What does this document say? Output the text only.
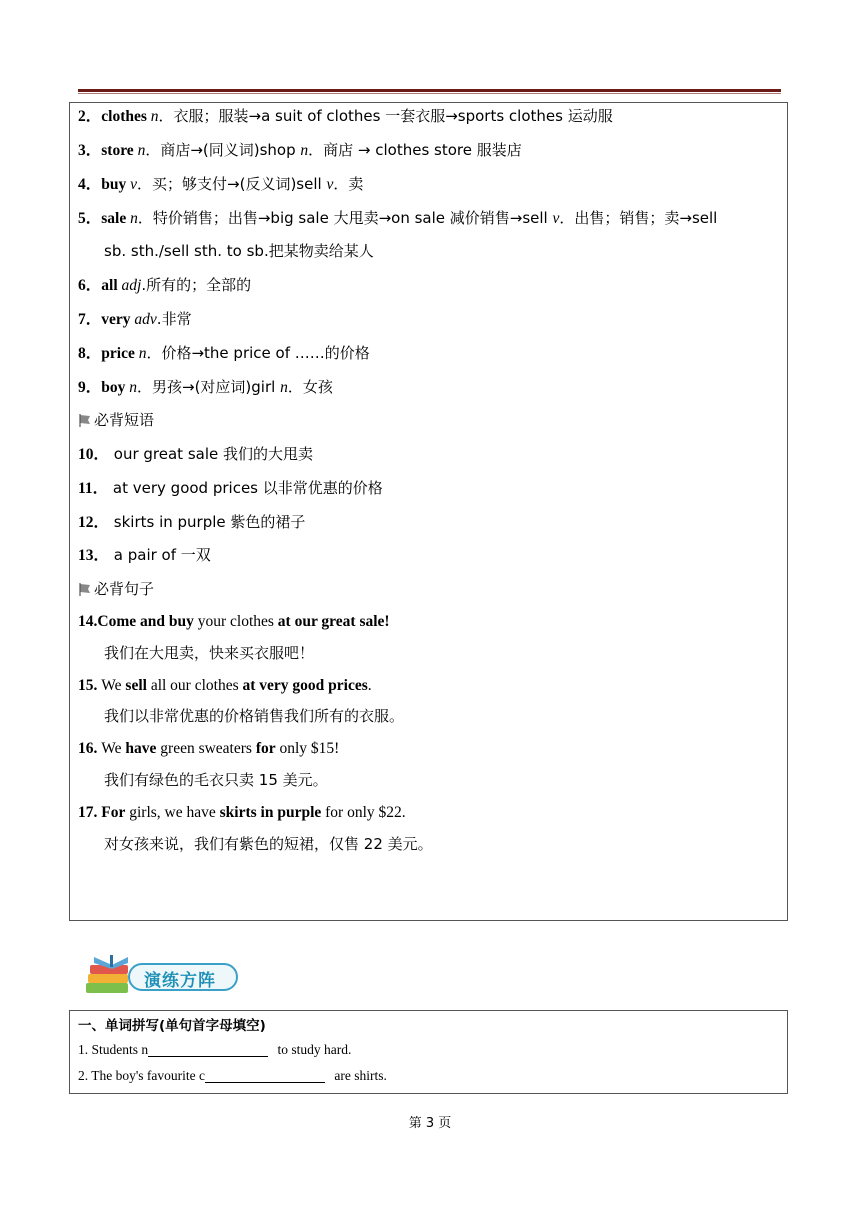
2．clothes n．衣服；服装→a suit of clothes 一套衣服→sports clothes 运动服
3．store n．商店→(同义词)shop n．商店 → clothes store 服装店
4．buy v．买；够支付→(反义词)sell v．卖
5．sale n．特价销售；出售→big sale 大甩卖→on sale 减价销售→sell v．出售；销售；卖→sell
sb. sth./sell sth. to sb.把某物卖给某人
6．all adj.所有的；全部的
7．very adv.非常
8．price n．价格→the price of ……的价格
9．boy n．男孩→(对应词)girl n．女孩
必背短语
10． our great sale 我们的大甩卖
11． at very good prices 以非常优惠的价格
12． skirts in purple 紫色的裙子
13． a pair of 一双
必背句子
14.Come and buy your clothes at our great sale!
我们在大甩卖，快来买衣服吧！
15. We sell all our clothes at very good prices.
我们以非常优惠的价格销售我们所有的衣服。
16. We have green sweaters for only $15!
我们有绿色的毛衣只卖 15 美元。
17. For girls, we have skirts in purple for only $22.
对女孩来说，我们有紫色的短裙，仅售 22 美元。
演练方阵
一、单词拼写(单句首字母填空)
1. Students n	to study hard.
2. The boy's favourite c	are shirts.
第 3 页
